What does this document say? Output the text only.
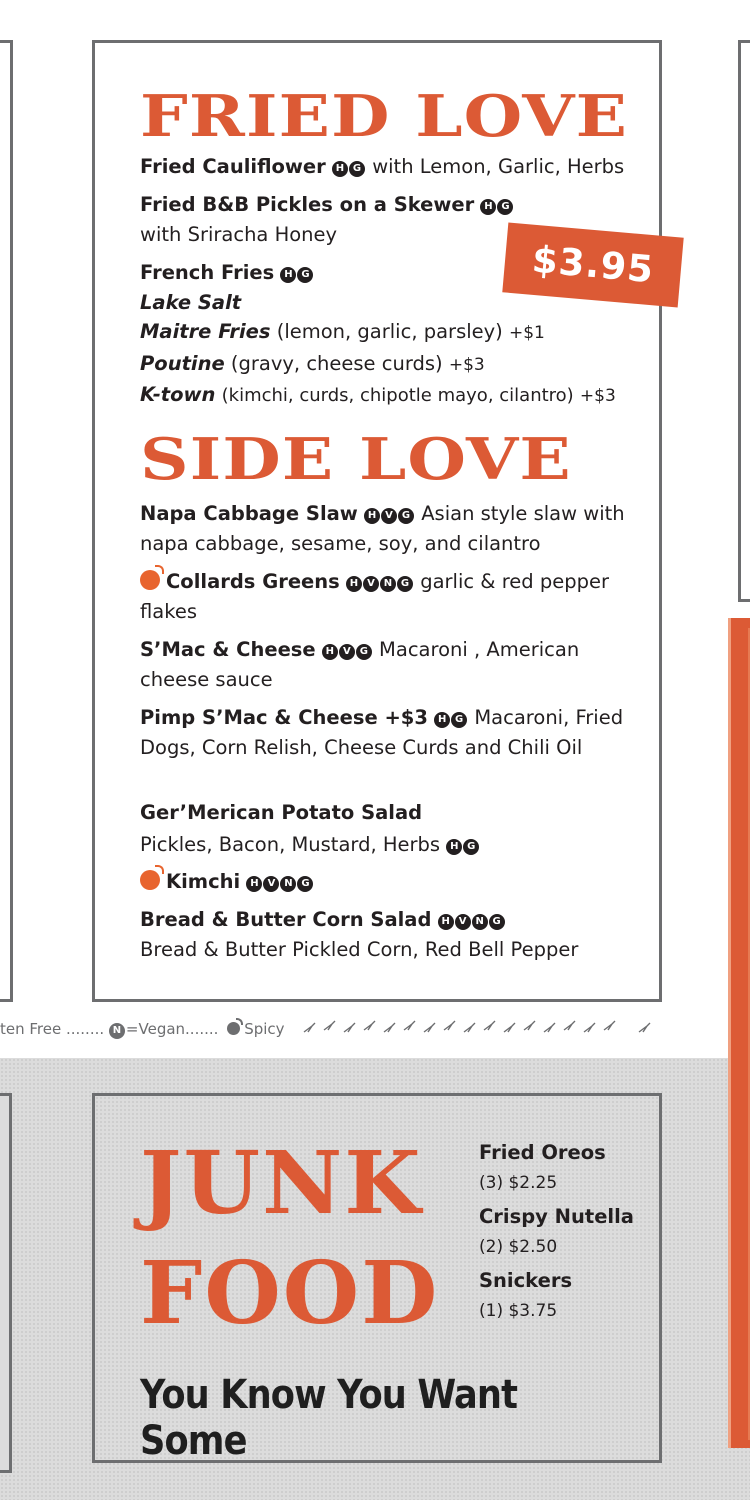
FRIED LOVE
Fried Cauliflower H G with Lemon, Garlic, Herbs
Fried B&B Pickles on a Skewer H G
with Sriracha Honey
French Fries H G
Lake Salt
Maitre Fries (lemon, garlic, parsley) +$1
Poutine (gravy, cheese curds) +$3
K-town (kimchi, curds, chipotle mayo, cilantro) +$3
SIDE LOVE
Napa Cabbage Slaw H V G Asian style slaw with napa cabbage, sesame, soy, and cilantro
Collards Greens H V N G garlic & red pepper flakes
S’Mac & Cheese H V G Macaroni , American cheese sauce
Pimp S’Mac & Cheese +$3 H G Macaroni, Fried Dogs, Corn Relish, Cheese Curds and Chili Oil
Ger’Merican Potato Salad
Pickles, Bacon, Mustard, Herbs H G
Kimchi H V N G
Bread & Butter Corn Salad H V N G
Bread & Butter Pickled Corn, Red Bell Pepper
$3.95
ten Free ........ N =Vegan....... Spicy
JUNK
FOOD
Fried Oreos
(3) $2.25
Crispy Nutella
(2) $2.50
Snickers
(1) $3.75
You Know You Want Some
